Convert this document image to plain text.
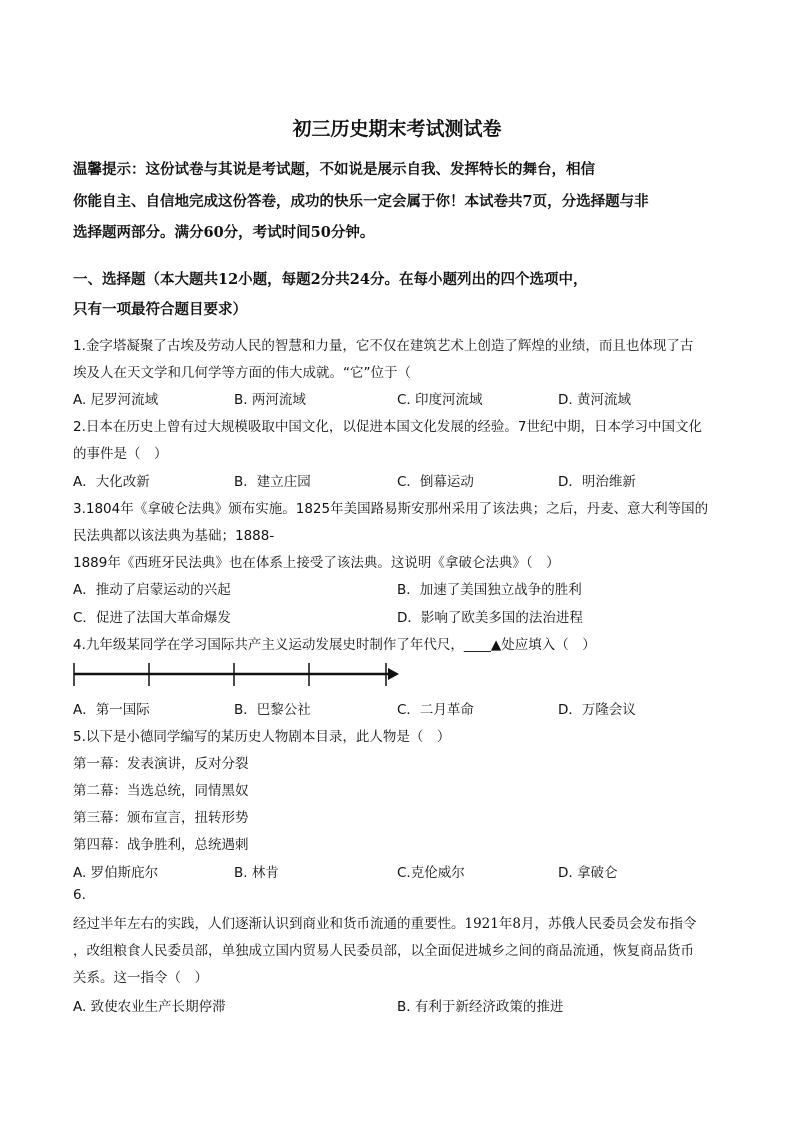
初三历史期末考试测试卷
温馨提示：这份试卷与其说是考试题，不如说是展示自我、发挥特长的舞台，相信
你能自主、自信地完成这份答卷，成功的快乐一定会属于你！本试卷共7页，分选择题与非
选择题两部分。满分60分，考试时间50分钟。
一、选择题（本大题共12小题，每题2分共24分。在每小题列出的四个选项中，
只有一项最符合题目要求）
1.金字塔凝聚了古埃及劳动人民的智慧和力量，它不仅在建筑艺术上创造了辉煌的业绩，而且也体现了古
埃及人在天文学和几何学等方面的伟大成就。“它”位于（
A. 尼罗河流域	B. 两河流域	C. 印度河流域	D. 黄河流域
2.日本在历史上曾有过大规模吸取中国文化，以促进本国文化发展的经验。7世纪中期，日本学习中国文化
的事件是（　）
A．大化改新	B．建立庄园	C．倒幕运动	D．明治维新
3.1804年《拿破仑法典》颁布实施。1825年美国路易斯安那州采用了该法典；之后，丹麦、意大利等国的
民法典都以该法典为基础；1888-
1889年《西班牙民法典》也在体系上接受了该法典。这说明《拿破仑法典》（　）
A．推动了启蒙运动的兴起	B．加速了美国独立战争的胜利
C．促进了法国大革命爆发	D．影响了欧美多国的法治进程
4.九年级某同学在学习国际共产主义运动发展史时制作了年代尺，____▲处应填入（　）
A．第一国际	B．巴黎公社	C．二月革命	D．万隆会议
5.以下是小德同学编写的某历史人物剧本目录，此人物是（　）
第一幕：发表演讲，反对分裂
第二幕：当选总统，同情黑奴
第三幕：颁布宣言，扭转形势
第四幕：战争胜利，总统遇刺
A. 罗伯斯庇尔	B. 林肯	C.克伦威尔	D. 拿破仑
6.
经过半年左右的实践，人们逐渐认识到商业和货币流通的重要性。1921年8月，苏俄人民委员会发布指令
，改组粮食人民委员部，单独成立国内贸易人民委员部，以全面促进城乡之间的商品流通，恢复商品货币
关系。这一指令（　）
A. 致使农业生产长期停滞	B. 有利于新经济政策的推进
